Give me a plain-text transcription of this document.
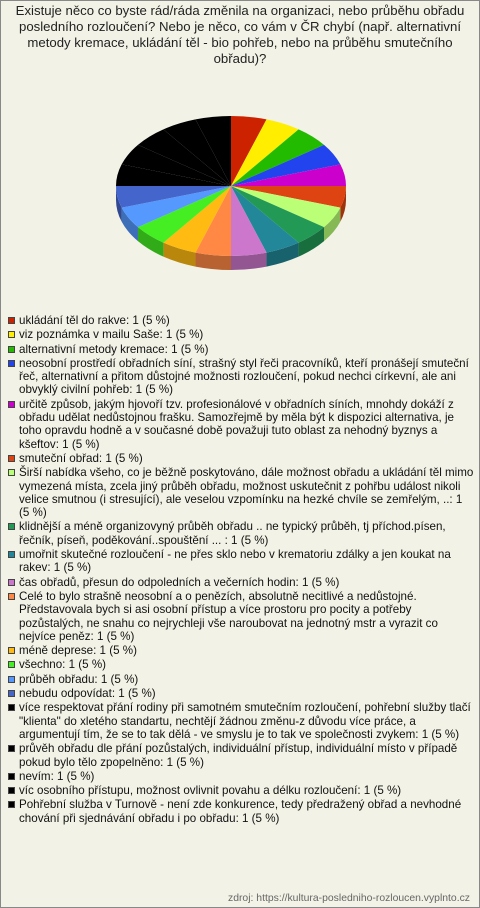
Existuje něco co byste rád/ráda změnila na organizaci, nebo průběhu obřadu posledního rozloučení? Nebo je něco, co vám v ČR chybí (např. alternativní metody kremace, ukládání těl - bio pohřeb, nebo na průběhu smutečního obřadu)?
ukládání těl do rakve: 1 (5 %)
viz poznámka v mailu Saše: 1 (5 %)
alternativní metody kremace: 1 (5 %)
neosobní prostředí obřadních síní, strašný styl řeči pracovníků, kteří pronášejí smuteční řeč, alternativní a přitom důstojné možnosti rozloučení, pokud nechci církevní, ale ani obvyklý civilní pohřeb: 1 (5 %)
určitě způsob, jakým hjovoří tzv. profesionálové v obřadních síních, mnohdy dokáží z obřadu udělat nedůstojnou frašku. Samozřejmě by měla být k dispozici alternativa, je toho opravdu hodně a v současné době považuji tuto oblast za nehodný byznys a kšeftov: 1 (5 %)
smuteční obřad: 1 (5 %)
Širší nabídka všeho, co je běžně poskytováno, dále možnost obřadu a ukládání těl mimo vymezená místa, zcela jiný průběh obřadu, možnost uskutečnit z pohřbu událost nikoli velice smutnou (i stresující), ale veselou vzpomínku na hezké chvíle se zemřelým, ..: 1 (5 %)
klidnější a méně organizovyný průběh obřadu .. ne typický průběh, tj příchod.písen, řečník, píseň, poděkování..spouštění ... : 1 (5 %)
umořnit skutečné rozloučení - ne přes sklo nebo v krematoriu zdálky a jen koukat na rakev: 1 (5 %)
čas obřadů, přesun do odpoledních a večerních hodin: 1 (5 %)
Celé to bylo strašně neosobní a o penězích, absolutně necitlivé a nedůstojné. Představovala bych si asi osobní přístup a více prostoru pro pocity a potřeby pozůstalých, ne snahu co nejrychleji vše naroubovat na jednotný mstr a vyrazit co nejvíce peněz: 1 (5 %)
méně deprese: 1 (5 %)
všechno: 1 (5 %)
průběh obřadu: 1 (5 %)
nebudu odpovídat: 1 (5 %)
více respektovat přání rodiny při samotném smutečním rozloučení, pohřební služby tlačí "klienta" do xletého standartu, nechtějí žádnou změnu-z důvodu více práce, a argumentují tím, že se to tak dělá - ve smyslu je to tak ve společnosti zvykem: 1 (5 %)
průvěh obřadu dle přání pozůstalých, individuální přístup, individuální místo v případě pokud bylo tělo zpopelněno: 1 (5 %)
nevím: 1 (5 %)
víc osobního přístupu, možnost ovlivnit povahu a délku rozloučení: 1 (5 %)
Pohřební služba v Turnově - není zde konkurence, tedy předražený obřad a nevhodné chování při sjednávání obřadu i po obřadu: 1 (5 %)
zdroj: https://kultura-posledniho-rozloucen.vyplnto.cz
